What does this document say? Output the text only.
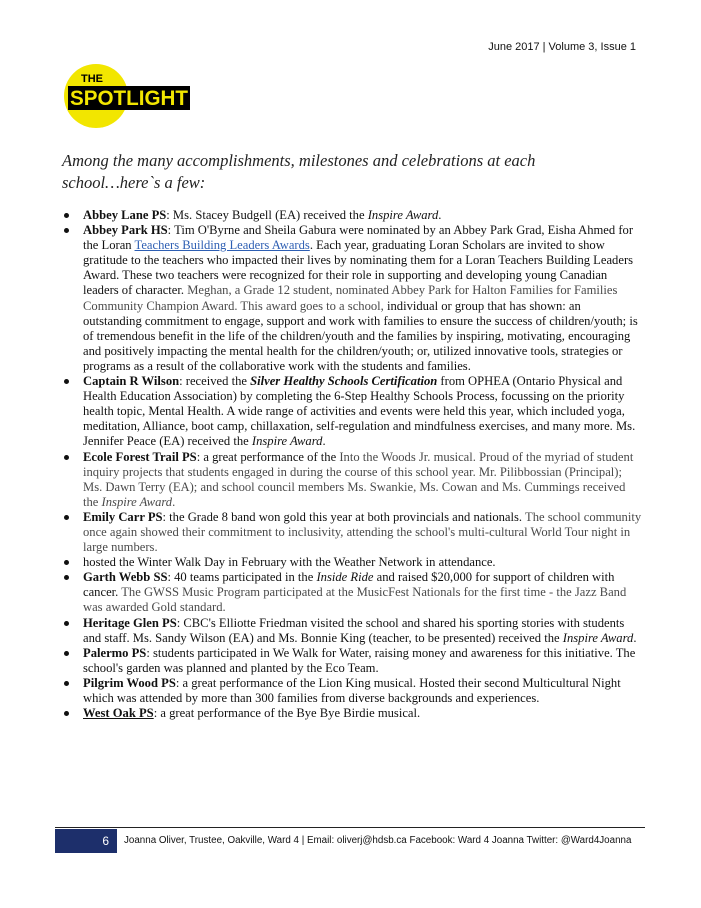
June 2017 | Volume 3, Issue 1
THE
SPOTLIGHT
Among the many accomplishments, milestones and celebrations at each school…here`s a few:
Abbey Lane PS: Ms. Stacey Budgell (EA) received the Inspire Award.
Abbey Park HS: Tim O'Byrne and Sheila Gabura were nominated by an Abbey Park Grad, Eisha Ahmed for the Loran Teachers Building Leaders Awards. Each year, graduating Loran Scholars are invited to show gratitude to the teachers who impacted their lives by nominating them for a Loran Teachers Building Leaders Award. These two teachers were recognized for their role in supporting and developing young Canadian leaders of character. Meghan, a Grade 12 student, nominated Abbey Park for Halton Families for Families Community Champion Award. This award goes to a school, individual or group that has shown: an outstanding commitment to engage, support and work with families to ensure the success of children/youth; is of tremendous benefit in the life of the children/youth and the families by inspiring, motivating, encouraging and positively impacting the mental health for the children/youth; or, utilized innovative tools, strategies or programs as a result of the collaborative work with the students and families.
Captain R Wilson: received the Silver Healthy Schools Certification from OPHEA (Ontario Physical and Health Education Association) by completing the 6-Step Healthy Schools Process, focussing on the priority health topic, Mental Health. A wide range of activities and events were held this year, which included yoga, meditation, Alliance, boot camp, chillaxation, self-regulation and mindfulness exercises, and many more. Ms. Jennifer Peace (EA) received the Inspire Award.
Ecole Forest Trail PS: a great performance of the Into the Woods Jr. musical. Proud of the myriad of student inquiry projects that students engaged in during the course of this school year. Mr. Pilibbossian (Principal); Ms. Dawn Terry (EA); and school council members Ms. Swankie, Ms. Cowan and Ms. Cummings received the Inspire Award.
Emily Carr PS: the Grade 8 band won gold this year at both provincials and nationals. The school community once again showed their commitment to inclusivity, attending the school's multi-cultural World Tour night in large numbers.
hosted the Winter Walk Day in February with the Weather Network in attendance.
Garth Webb SS: 40 teams participated in the Inside Ride and raised $20,000 for support of children with cancer. The GWSS Music Program participated at the MusicFest Nationals for the first time - the Jazz Band was awarded Gold standard.
Heritage Glen PS: CBC's Elliotte Friedman visited the school and shared his sporting stories with students and staff. Ms. Sandy Wilson (EA) and Ms. Bonnie King (teacher, to be presented) received the Inspire Award.
Palermo PS: students participated in We Walk for Water, raising money and awareness for this initiative. The school's garden was planned and planted by the Eco Team.
Pilgrim Wood PS: a great performance of the Lion King musical. Hosted their second Multicultural Night which was attended by more than 300 families from diverse backgrounds and experiences.
West Oak PS: a great performance of the Bye Bye Birdie musical.
6	Joanna Oliver, Trustee, Oakville, Ward 4 | Email: oliverj@hdsb.ca Facebook: Ward 4 Joanna Twitter: @Ward4Joanna
